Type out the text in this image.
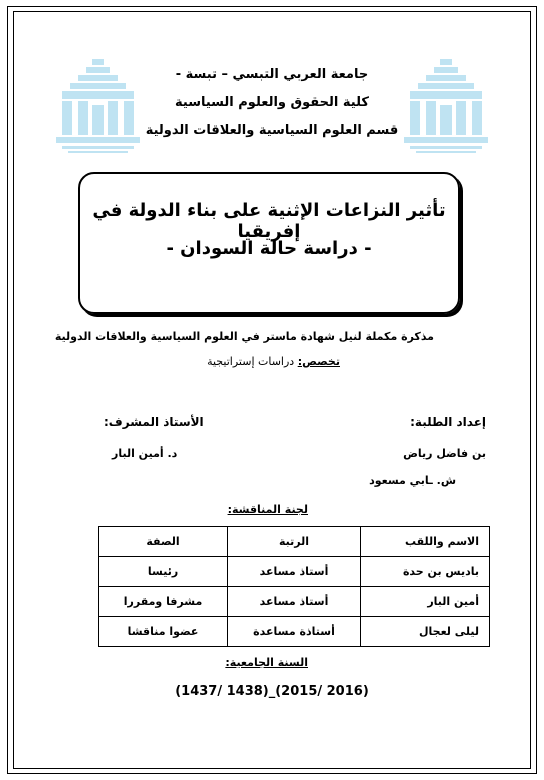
جامعة العربي التبسي – تبسة -
كلية الحقوق والعلوم السياسية
قسم العلوم السياسية والعلاقات الدولية
تأثير النزاعات الإثنية على بناء الدولة في إفريقيا
- دراسة حالة السودان -
مذكرة مكملة لنيل شهادة ماستر في العلوم السياسية والعلاقات الدولية
تخصص: دراسات إستراتيجية
إعداد الطلبة:
بن فاضل رياض
ش. ـابي مسعود
الأستاذ المشرف:
د. أمين البار
لجنة المناقشة:
الاسم واللقب	الرتبة	الصفة
باديس بن حدة	أستاذ مساعد	رئيسا
أمين البار	أستاذ مساعد	مشرفا ومقررا
ليلى لعجال	أستاذة مساعدة	عضوا مناقشا
السنة الجامعية:
(1437/ 1438)_(2015/ 2016)
